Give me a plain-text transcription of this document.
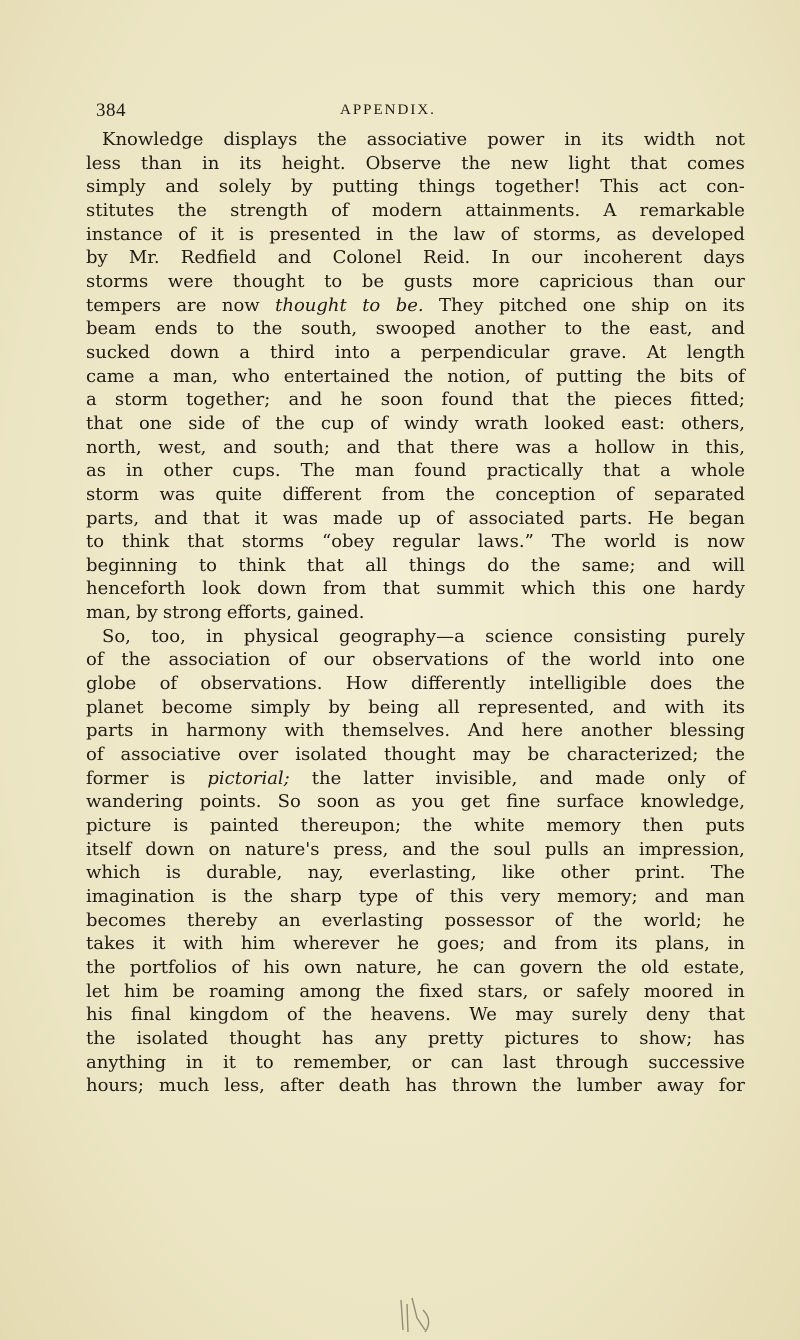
384	APPENDIX.
Knowledge displays the associative power in its width not
less than in its height. Observe the new light that comes
simply and solely by putting things together! This act con-
stitutes the strength of modern attainments. A remarkable
instance of it is presented in the law of storms, as developed
by Mr. Redfield and Colonel Reid. In our incoherent days
storms were thought to be gusts more capricious than our
tempers are now thought to be. They pitched one ship on its
beam ends to the south, swooped another to the east, and
sucked down a third into a perpendicular grave. At length
came a man, who entertained the notion, of putting the bits of
a storm together; and he soon found that the pieces fitted;
that one side of the cup of windy wrath looked east: others,
north, west, and south; and that there was a hollow in this,
as in other cups. The man found practically that a whole
storm was quite different from the conception of separated
parts, and that it was made up of associated parts. He began
to think that storms “obey regular laws.” The world is now
beginning to think that all things do the same; and will
henceforth look down from that summit which this one hardy
man, by strong efforts, gained.
So, too, in physical geography—a science consisting purely
of the association of our observations of the world into one
globe of observations. How differently intelligible does the
planet become simply by being all represented, and with its
parts in harmony with themselves. And here another blessing
of associative over isolated thought may be characterized; the
former is pictorial; the latter invisible, and made only of
wandering points. So soon as you get fine surface knowledge,
picture is painted thereupon; the white memory then puts
itself down on nature's press, and the soul pulls an impression,
which is durable, nay, everlasting, like other print. The
imagination is the sharp type of this very memory; and man
becomes thereby an everlasting possessor of the world; he
takes it with him wherever he goes; and from its plans, in
the portfolios of his own nature, he can govern the old estate,
let him be roaming among the fixed stars, or safely moored in
his final kingdom of the heavens. We may surely deny that
the isolated thought has any pretty pictures to show; has
anything in it to remember, or can last through successive
hours; much less, after death has thrown the lumber away for
